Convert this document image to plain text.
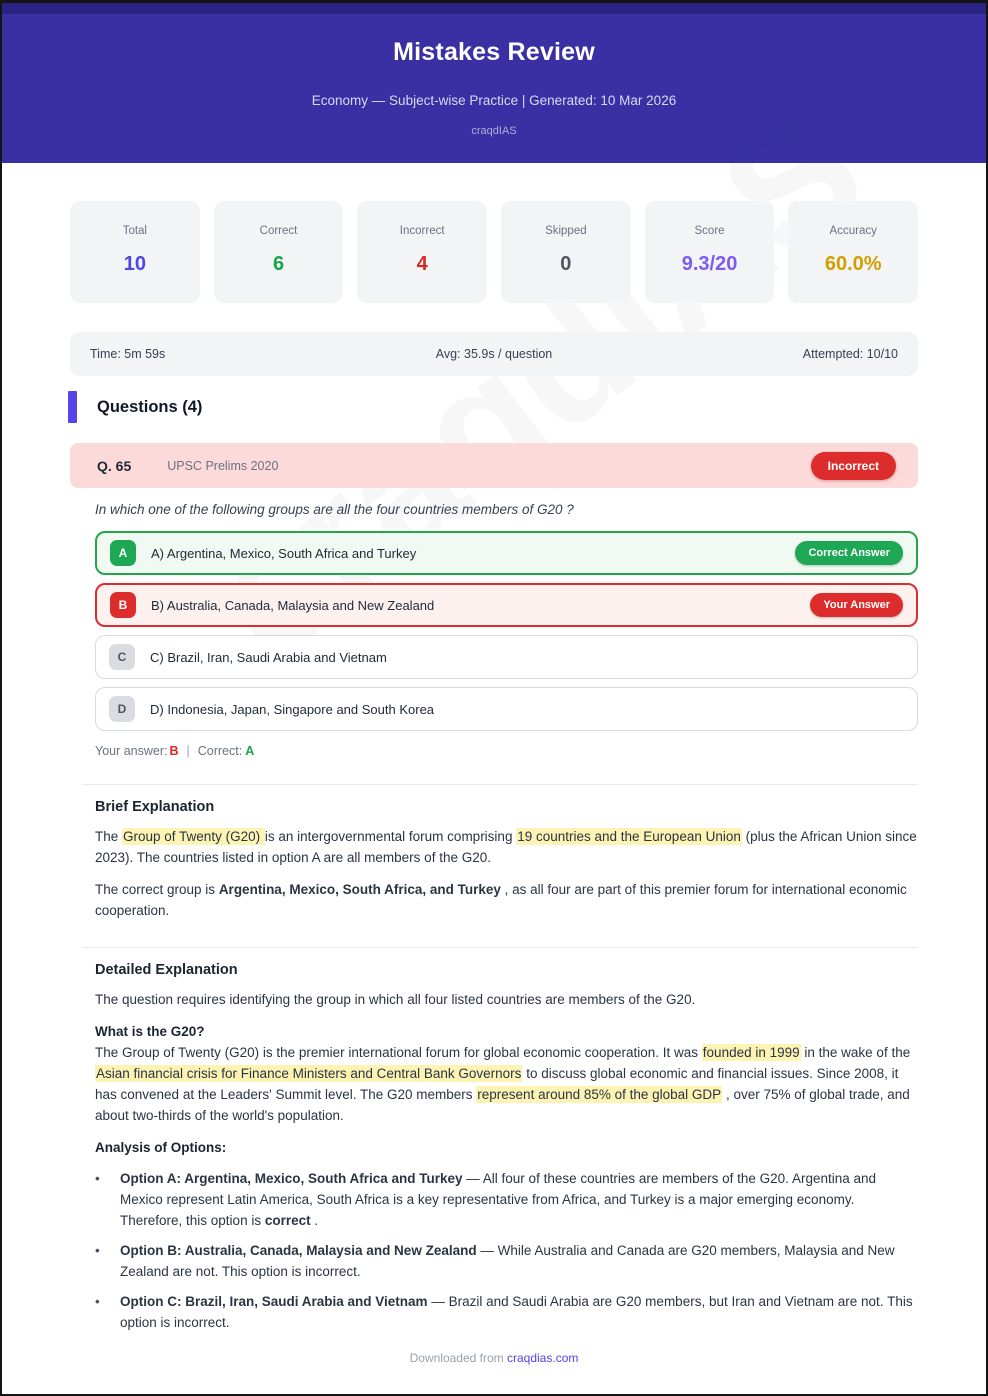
Mistakes Review
Economy — Subject-wise Practice | Generated: 10 Mar 2026
craqdIAS
Total
10
Correct
6
Incorrect
4
Skipped
0
Score
9.3/20
Accuracy
60.0%
Time: 5m 59s	Avg: 35.9s / question	Attempted: 10/10
Questions (4)
Q. 65	UPSC Prelims 2020	Incorrect
In which one of the following groups are all the four countries members of G20 ?
A	A) Argentina, Mexico, South Africa and Turkey	Correct Answer
B	B) Australia, Canada, Malaysia and New Zealand	Your Answer
C	C) Brazil, Iran, Saudi Arabia and Vietnam
D	D) Indonesia, Japan, Singapore and South Korea
Your answer: B | Correct: A
Brief Explanation

The Group of Twenty (G20) is an intergovernmental forum comprising 19 countries and the European Union (plus the African Union since 2023). The countries listed in option A are all members of the G20.

The correct group is Argentina, Mexico, South Africa, and Turkey , as all four are part of this premier forum for international economic cooperation.

Detailed Explanation

The question requires identifying the group in which all four listed countries are members of the G20.

What is the G20?

The Group of Twenty (G20) is the premier international forum for global economic cooperation. It was founded in 1999 in the wake of the Asian financial crisis for Finance Ministers and Central Bank Governors to discuss global economic and financial issues. Since 2008, it has convened at the Leaders' Summit level. The G20 members represent around 85% of the global GDP , over 75% of global trade, and about two-thirds of the world's population.

Analysis of Options:
•	Option A: Argentina, Mexico, South Africa and Turkey — All four of these countries are members of the G20. Argentina and Mexico represent Latin America, South Africa is a key representative from Africa, and Turkey is a major emerging economy. Therefore, this option is correct .
•	Option B: Australia, Canada, Malaysia and New Zealand — While Australia and Canada are G20 members, Malaysia and New Zealand are not. This option is incorrect.
•	Option C: Brazil, Iran, Saudi Arabia and Vietnam — Brazil and Saudi Arabia are G20 members, but Iran and Vietnam are not. This option is incorrect.
Downloaded from craqdias.com
